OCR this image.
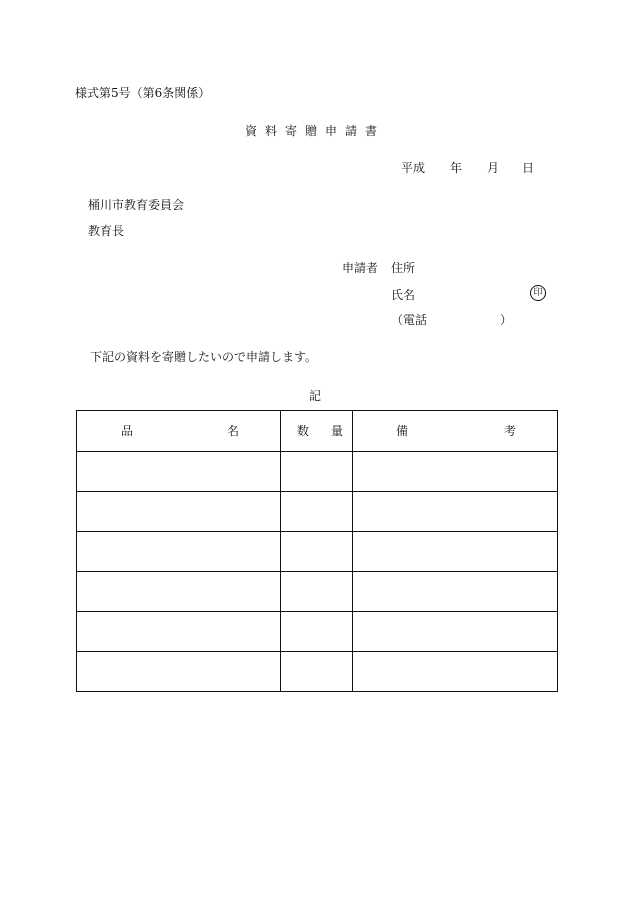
様式第5号（第6条関係）
資料寄贈申請書
平成 年 月 日
桶川市教育委員会
教育長
申請者 住所
氏名	印
（電話	）
下記の資料を寄贈したいので申請します。
記
品 名	数 量	備 考
